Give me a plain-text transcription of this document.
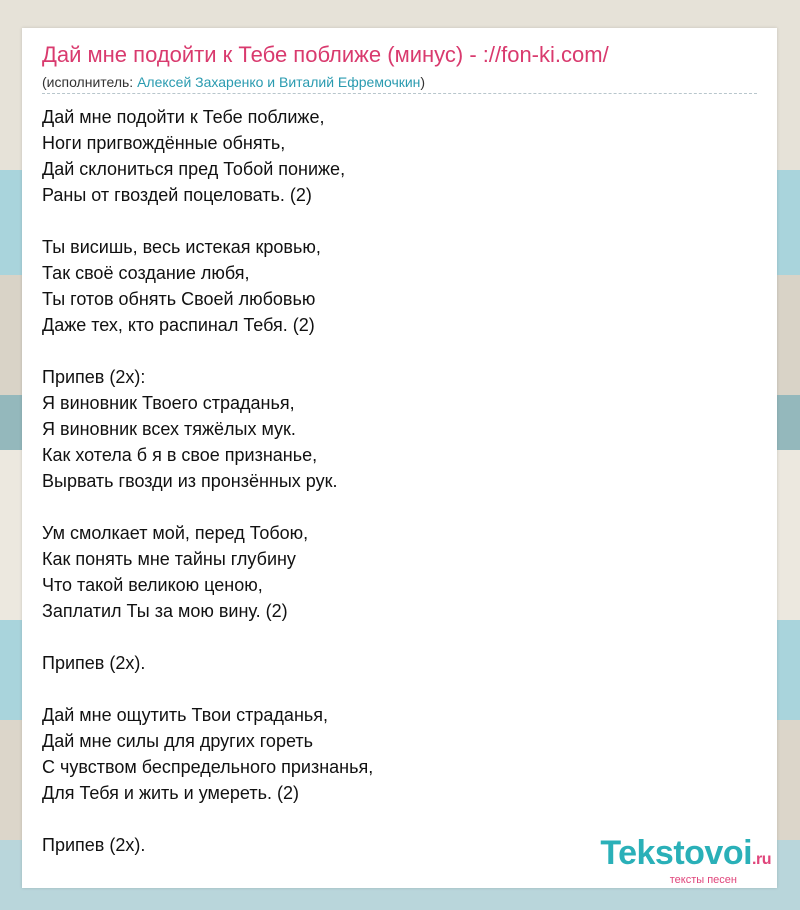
Дай мне подойти к Тебе поближе (минус) - ://fon-ki.com/
(исполнитель: Алексей Захаренко и Виталий Ефремочкин)
Дай мне подойти к Тебе поближе,
Ноги пригвождённые обнять,
Дай склониться пред Тобой пониже,
Раны от гвоздей поцеловать. (2)
Ты висишь, весь истекая кровью,
Так своё создание любя,
Ты готов обнять Своей любовью
Даже тех, кто распинал Тебя. (2)
Припев (2x):
Я виновник Твоего страданья,
Я виновник всех тяжёлых мук.
Как хотела б я в свое признанье,
Вырвать гвозди из пронзённых рук.
Ум смолкает мой, перед Тобою,
Как понять мне тайны глубину
Что такой великою ценою,
Заплатил Ты за мою вину. (2)
Припев (2x).
Дай мне ощутить Твои страданья,
Дай мне силы для других гореть
С чувством беспредельного признанья,
Для Тебя и жить и умереть. (2)
Припев (2x).	Tekstovoi.ru
тексты песен
